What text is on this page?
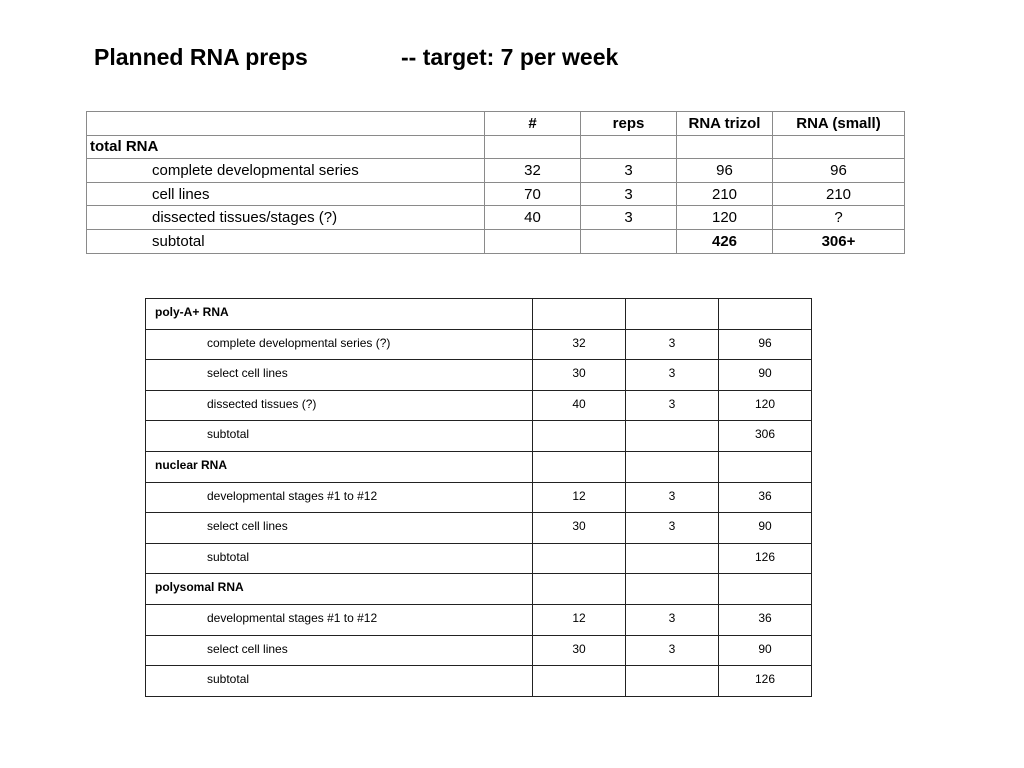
Planned RNA preps	-- target: 7 per week
	#	reps	RNA trizol	RNA (small)
total RNA				
complete developmental series	32	3	96	96
cell lines	70	3	210	210
dissected tissues/stages (?)	40	3	120	?
subtotal			426	306+
poly-A+ RNA			
complete developmental series (?)	32	3	96
select cell lines	30	3	90
dissected tissues (?)	40	3	120
subtotal			306
nuclear RNA			
developmental stages #1 to #12	12	3	36
select cell lines	30	3	90
subtotal			126
polysomal RNA			
developmental stages #1 to #12	12	3	36
select cell lines	30	3	90
subtotal			126
